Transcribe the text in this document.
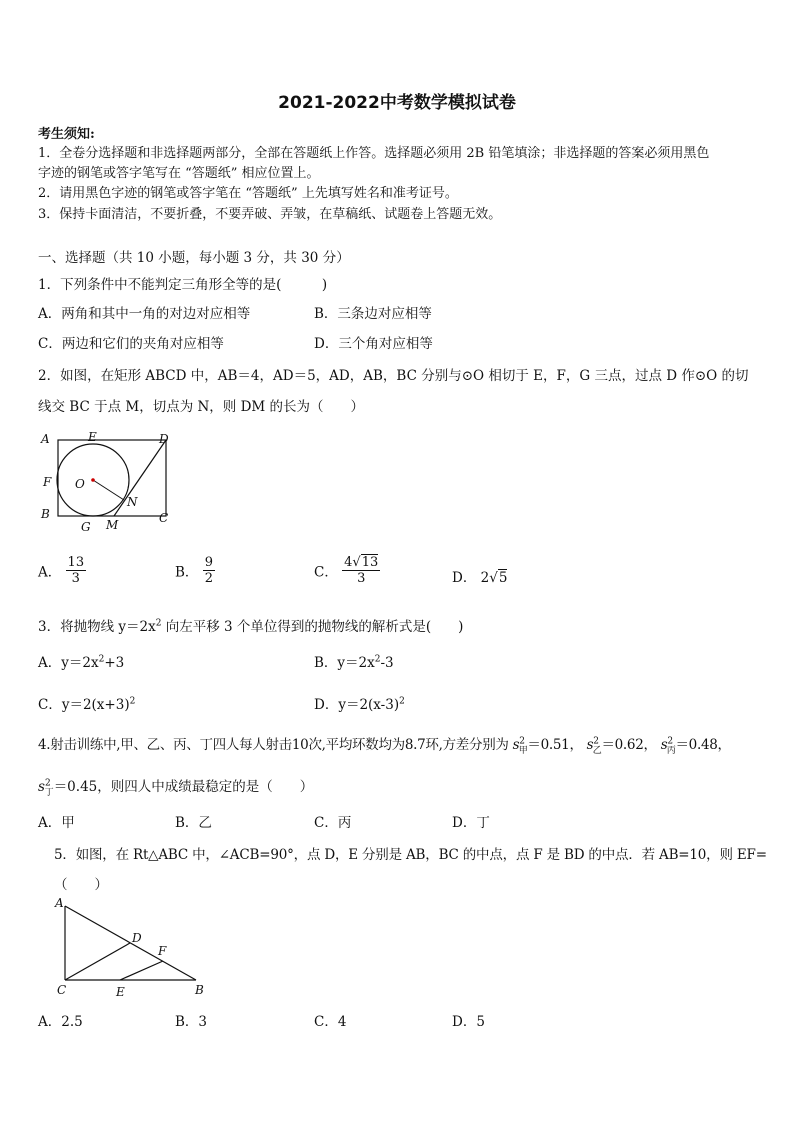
2021-2022中考数学模拟试卷
考生须知:
1．全卷分选择题和非选择题两部分，全部在答题纸上作答。选择题必须用 2B 铅笔填涂；非选择题的答案必须用黑色
字迹的钢笔或答字笔写在 “答题纸” 相应位置上。
2．请用黑色字迹的钢笔或答字笔在 “答题纸” 上先填写姓名和准考证号。
3．保持卡面清洁，不要折叠，不要弄破、弄皱，在草稿纸、试题卷上答题无效。
一、选择题（共 10 小题，每小题 3 分，共 30 分）
1．下列条件中不能判定三角形全等的是(　　　)
A．两角和其中一角的对边对应相等	B．三条边对应相等
C．两边和它们的夹角对应相等	D．三个角对应相等
2．如图，在矩形 ABCD 中，AB＝4，AD＝5，AD，AB，BC 分别与⊙O 相切于 E，F，G 三点，过点 D 作⊙O 的切
线交 BC 于点 M，切点为 N，则 DM 的长为（　　）
A	E	D
F O
N
B
G M	C
A． $\frac{13}{3}$	B． $\frac{9}{2}$	C． $\frac{4√13}{3}$	D． 2√5
3．将抛物线 $y=2x^2$ 向左平移 3 个单位得到的抛物线的解析式是(　　)
A．$y=2x^2+3$	B．$y=2x^2-3$
C．$y=2(x+3)^2$	D．$y=2(x-3)^2$
4.射击训练中,甲、乙、丙、丁四人每人射击10次,平均环数均为8.7环,方差分别为 $s^2_甲=0.51$， $s^2_乙=0.62$， $s^2_丙=0.48$，
$s^2_丁=0.45$，则四人中成绩最稳定的是（　　）
A．甲	B．乙	C．丙	D．丁
5．如图，在 Rt△ABC 中，∠ACB=90°，点 D，E 分别是 AB，BC 的中点，点 F 是 BD 的中点．若 AB=10，则 EF=
（　　）
A
D
F
C	E	B
A．2.5	B．3	C．4	D．5
